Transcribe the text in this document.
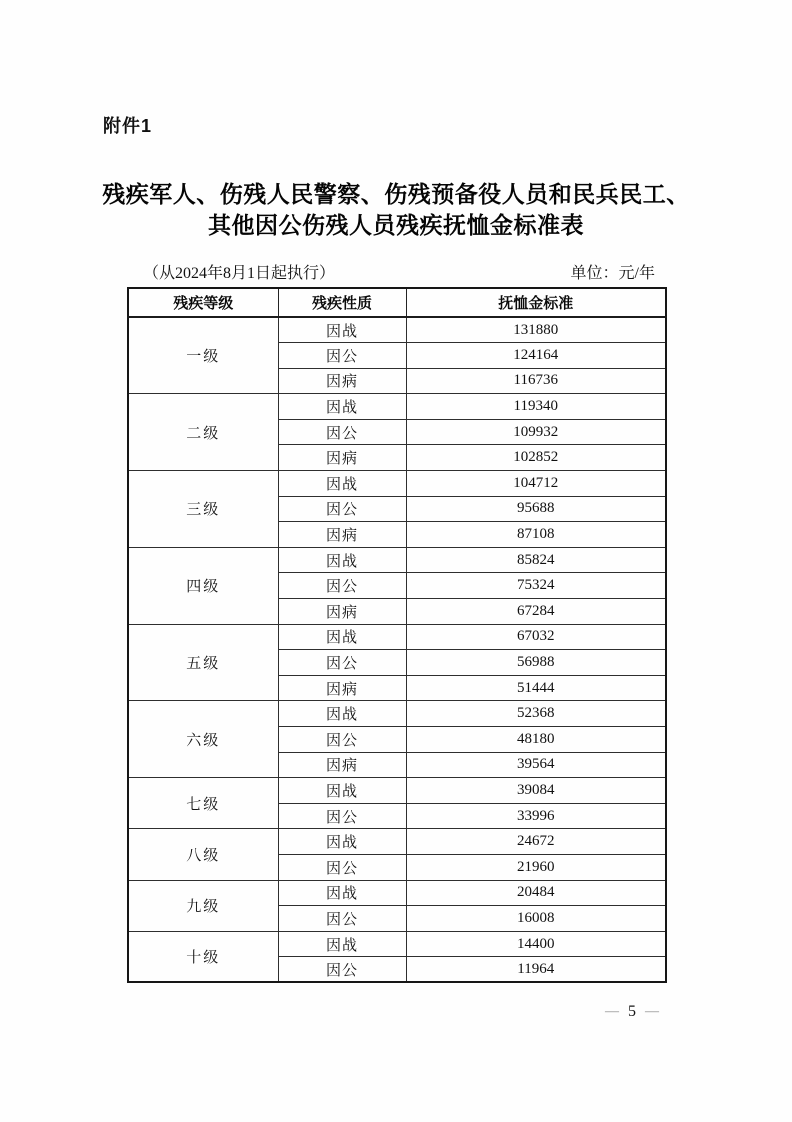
附件1
残疾军人、伤残人民警察、伤残预备役人员和民兵民工、
其他因公伤残人员残疾抚恤金标准表
（从2024年8月1日起执行）	单位：元/年
残疾等级	残疾性质	抚恤金标准
一级	因战	131880
	因公	124164
	因病	116736
二级	因战	119340
	因公	109932
	因病	102852
三级	因战	104712
	因公	95688
	因病	87108
四级	因战	85824
	因公	75324
	因病	67284
五级	因战	67032
	因公	56988
	因病	51444
六级	因战	52368
	因公	48180
	因病	39564
七级	因战	39084
	因公	33996
八级	因战	24672
	因公	21960
九级	因战	20484
	因公	16008
十级	因战	14400
	因公	11964
— 5 —
